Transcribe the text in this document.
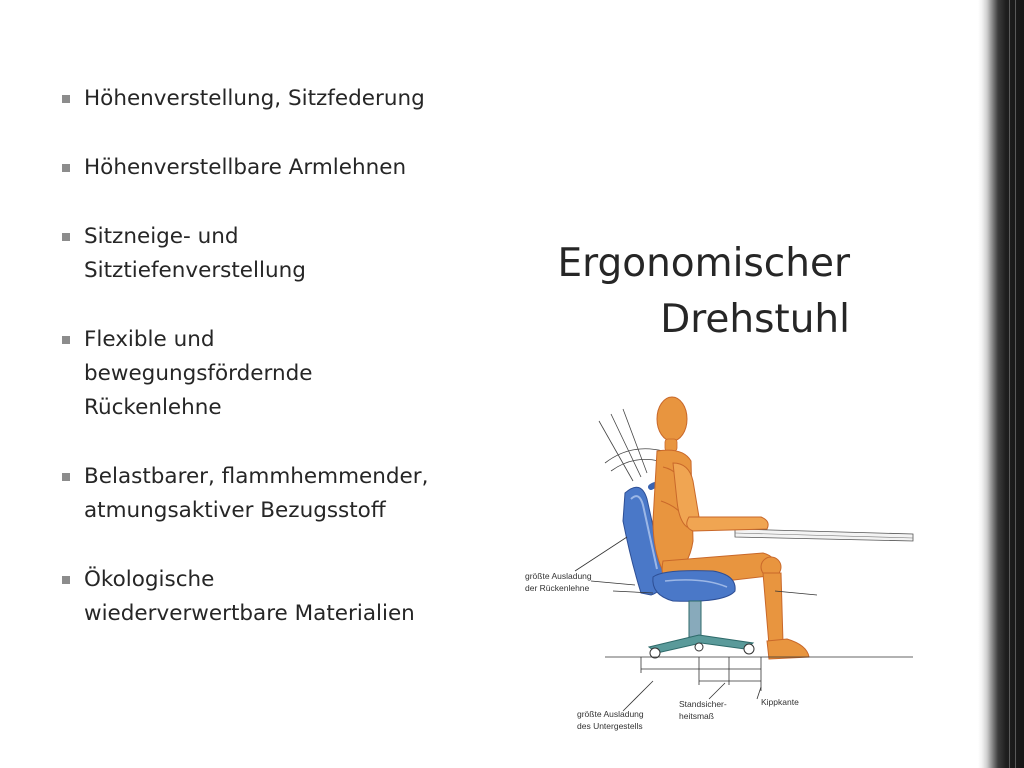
Höhenverstellung, Sitzfederung
Höhenverstellbare Armlehnen
Sitzneige- und
Sitztiefenverstellung
Flexible und
bewegungsfördernde
Rückenlehne
Belastbarer, flammhemmender,
atmungsaktiver Bezugsstoff
Ökologische
wiederverwertbare Materialien
Ergonomischer
Drehstuhl
größte Ausladung
der Rückenlehne
größte Ausladung
des Untergestells
Standsicher-
heitsmaß
Kippkante
